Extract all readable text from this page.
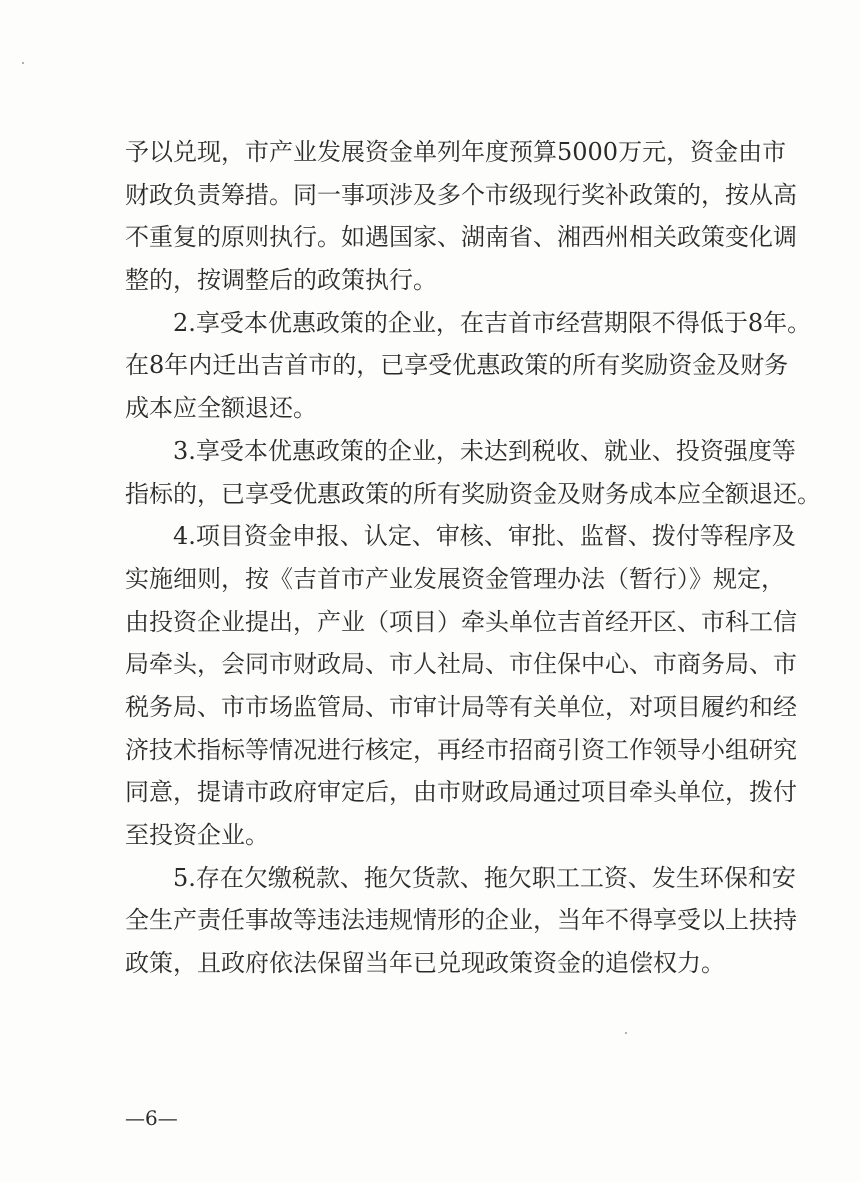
予以兑现，市产业发展资金单列年度预算5000万元，资金由市
财政负责筹措。同一事项涉及多个市级现行奖补政策的，按从高
不重复的原则执行。如遇国家、湖南省、湘西州相关政策变化调
整的，按调整后的政策执行。
2.享受本优惠政策的企业，在吉首市经营期限不得低于8年。
在8年内迁出吉首市的，已享受优惠政策的所有奖励资金及财务
成本应全额退还。
3.享受本优惠政策的企业，未达到税收、就业、投资强度等
指标的，已享受优惠政策的所有奖励资金及财务成本应全额退还。
4.项目资金申报、认定、审核、审批、监督、拨付等程序及
实施细则，按《吉首市产业发展资金管理办法（暂行）》规定，
由投资企业提出，产业（项目）牵头单位吉首经开区、市科工信
局牵头，会同市财政局、市人社局、市住保中心、市商务局、市
税务局、市市场监管局、市审计局等有关单位，对项目履约和经
济技术指标等情况进行核定，再经市招商引资工作领导小组研究
同意，提请市政府审定后，由市财政局通过项目牵头单位，拨付
至投资企业。
5.存在欠缴税款、拖欠货款、拖欠职工工资、发生环保和安
全生产责任事故等违法违规情形的企业，当年不得享受以上扶持
政策，且政府依法保留当年已兑现政策资金的追偿权力。
—6—
